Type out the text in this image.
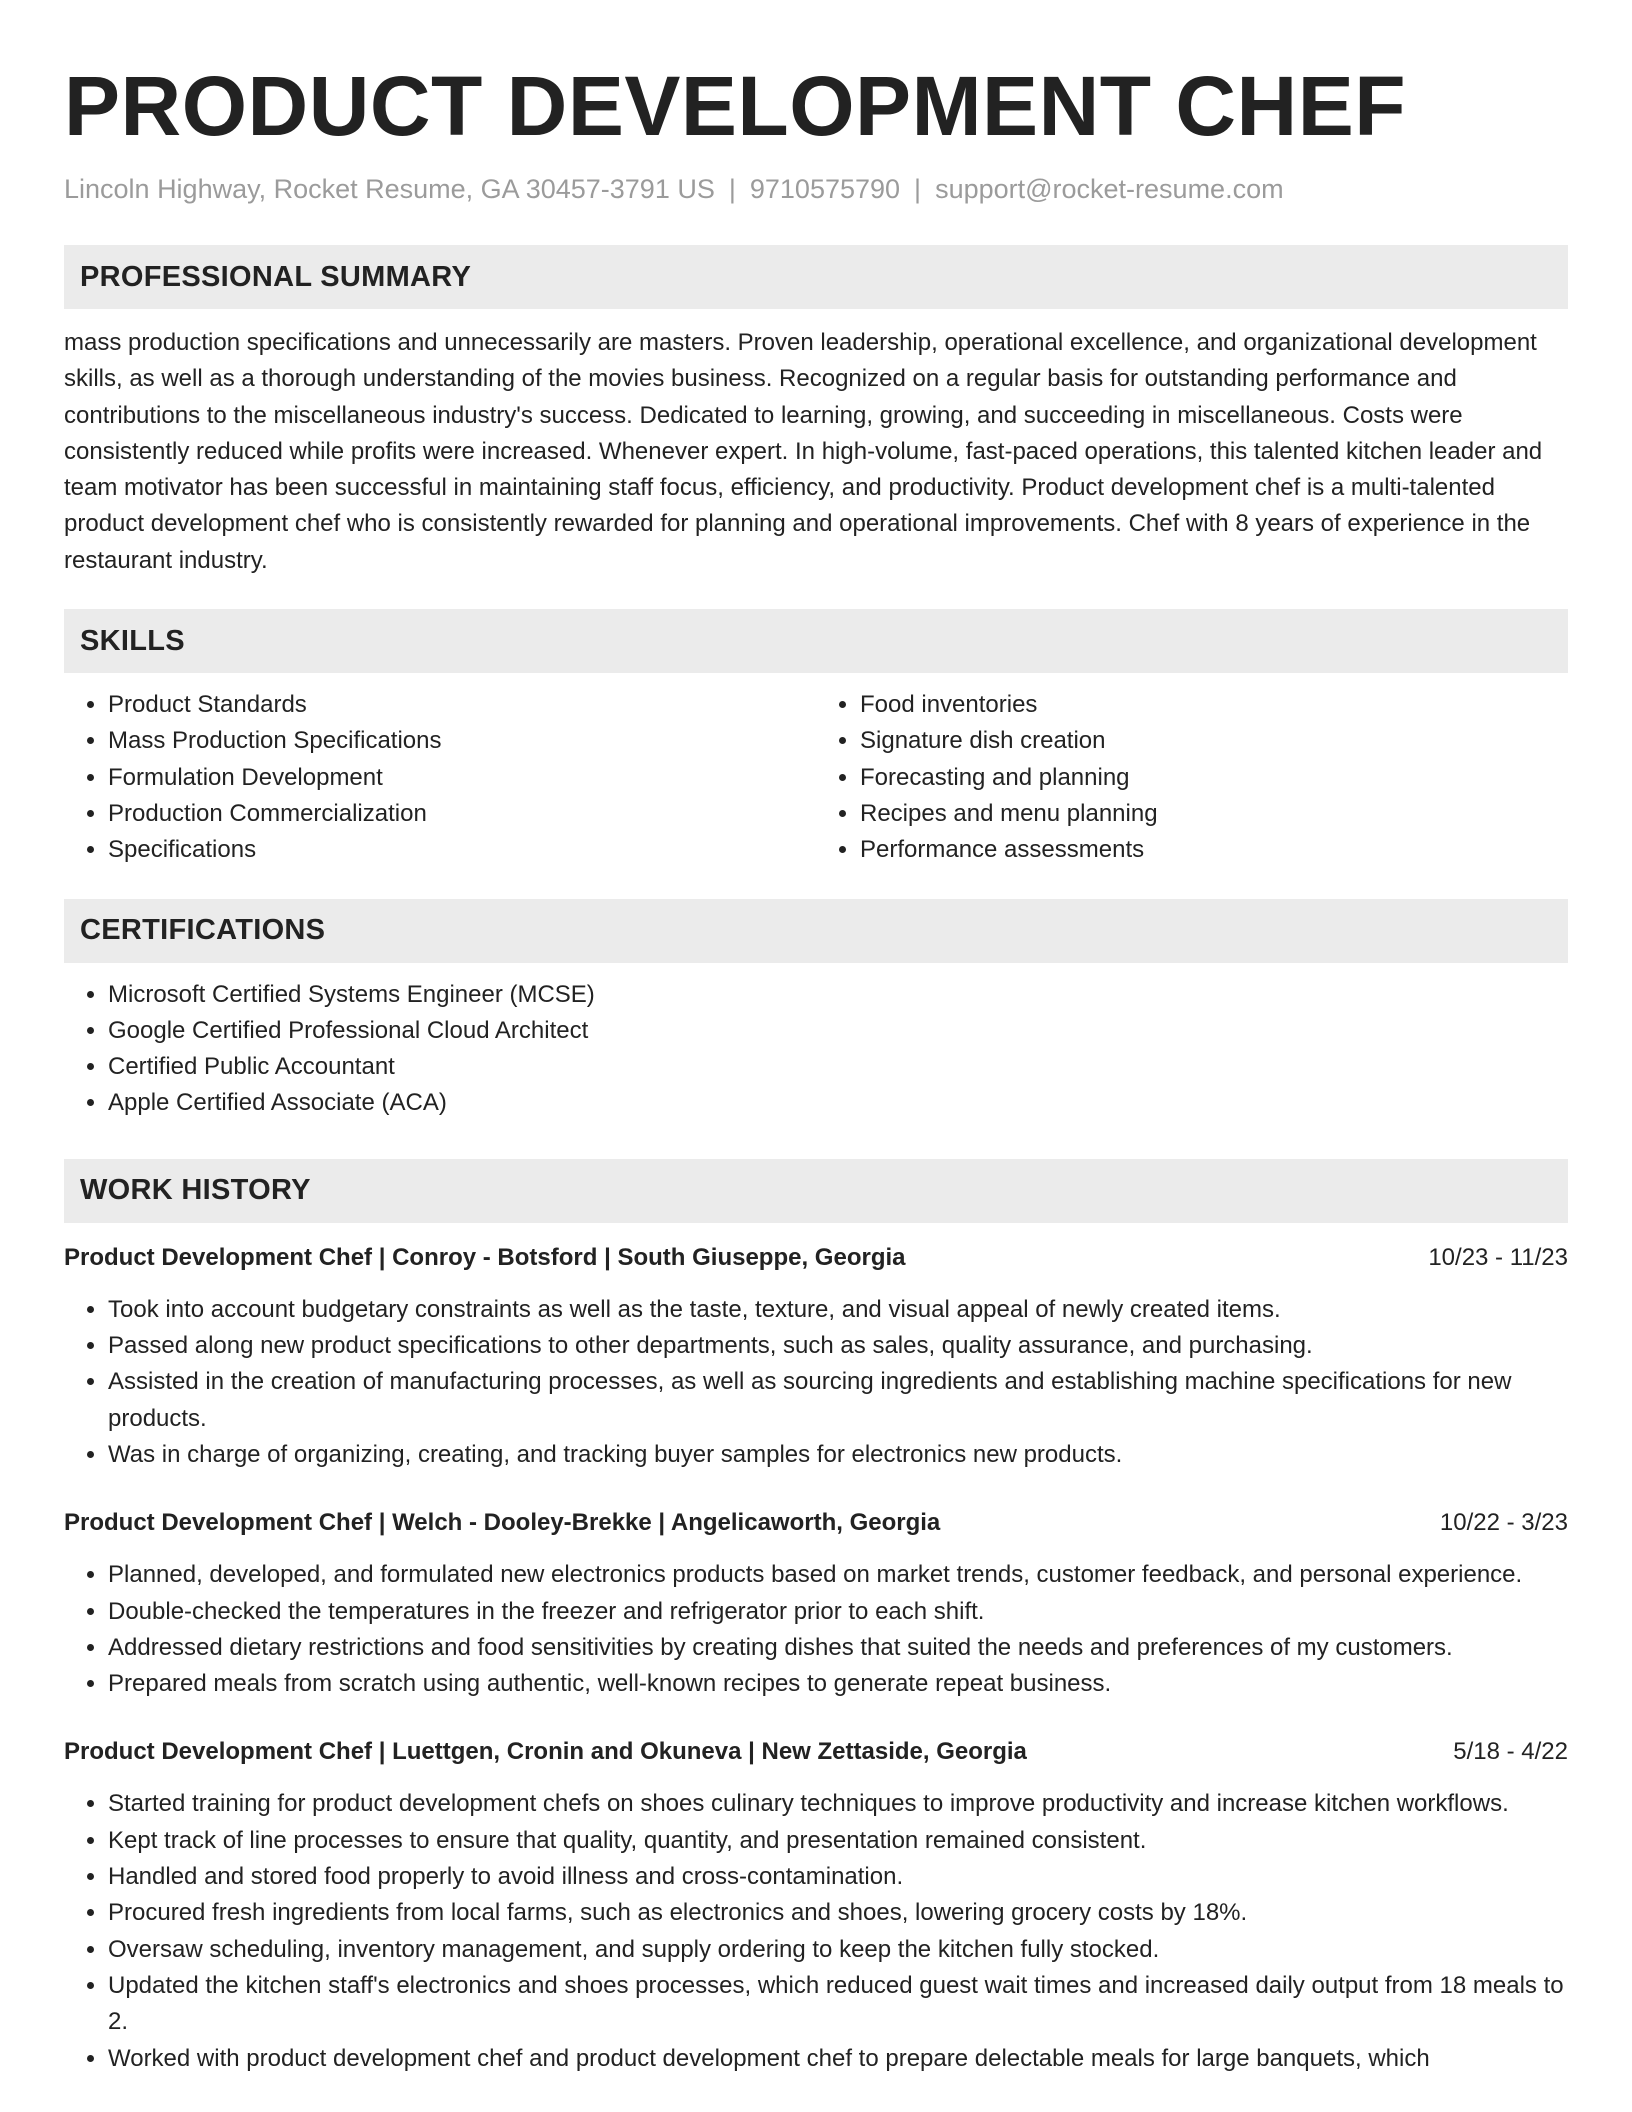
PRODUCT DEVELOPMENT CHEF
Lincoln Highway, Rocket Resume, GA 30457-3791 US | 9710575790 | support@rocket-resume.com
PROFESSIONAL SUMMARY

mass production specifications and unnecessarily are masters. Proven leadership, operational excellence, and organizational development skills, as well as a thorough understanding of the movies business. Recognized on a regular basis for outstanding performance and contributions to the miscellaneous industry's success. Dedicated to learning, growing, and succeeding in miscellaneous. Costs were consistently reduced while profits were increased. Whenever expert. In high-volume, fast-paced operations, this talented kitchen leader and team motivator has been successful in maintaining staff focus, efficiency, and productivity. Product development chef is a multi-talented product development chef who is consistently rewarded for planning and operational improvements. Chef with 8 years of experience in the restaurant industry.

SKILLS
• Product Standards
• Mass Production Specifications
• Formulation Development
• Production Commercialization
• Specifications
• Food inventories
• Signature dish creation
• Forecasting and planning
• Recipes and menu planning
• Performance assessments
CERTIFICATIONS
• Microsoft Certified Systems Engineer (MCSE)
• Google Certified Professional Cloud Architect
• Certified Public Accountant
• Apple Certified Associate (ACA)
WORK HISTORY
Product Development Chef | Conroy - Botsford | South Giuseppe, Georgia	10/23 - 11/23
• Took into account budgetary constraints as well as the taste, texture, and visual appeal of newly created items.
• Passed along new product specifications to other departments, such as sales, quality assurance, and purchasing.
• Assisted in the creation of manufacturing processes, as well as sourcing ingredients and establishing machine specifications for new products.
• Was in charge of organizing, creating, and tracking buyer samples for electronics new products.
Product Development Chef | Welch - Dooley-Brekke | Angelicaworth, Georgia	10/22 - 3/23
• Planned, developed, and formulated new electronics products based on market trends, customer feedback, and personal experience.
• Double-checked the temperatures in the freezer and refrigerator prior to each shift.
• Addressed dietary restrictions and food sensitivities by creating dishes that suited the needs and preferences of my customers.
• Prepared meals from scratch using authentic, well-known recipes to generate repeat business.
Product Development Chef | Luettgen, Cronin and Okuneva | New Zettaside, Georgia	5/18 - 4/22
• Started training for product development chefs on shoes culinary techniques to improve productivity and increase kitchen workflows.
• Kept track of line processes to ensure that quality, quantity, and presentation remained consistent.
• Handled and stored food properly to avoid illness and cross-contamination.
• Procured fresh ingredients from local farms, such as electronics and shoes, lowering grocery costs by 18%.
• Oversaw scheduling, inventory management, and supply ordering to keep the kitchen fully stocked.
• Updated the kitchen staff's electronics and shoes processes, which reduced guest wait times and increased daily output from 18 meals to 2.
• Worked with product development chef and product development chef to prepare delectable meals for large banquets, which
